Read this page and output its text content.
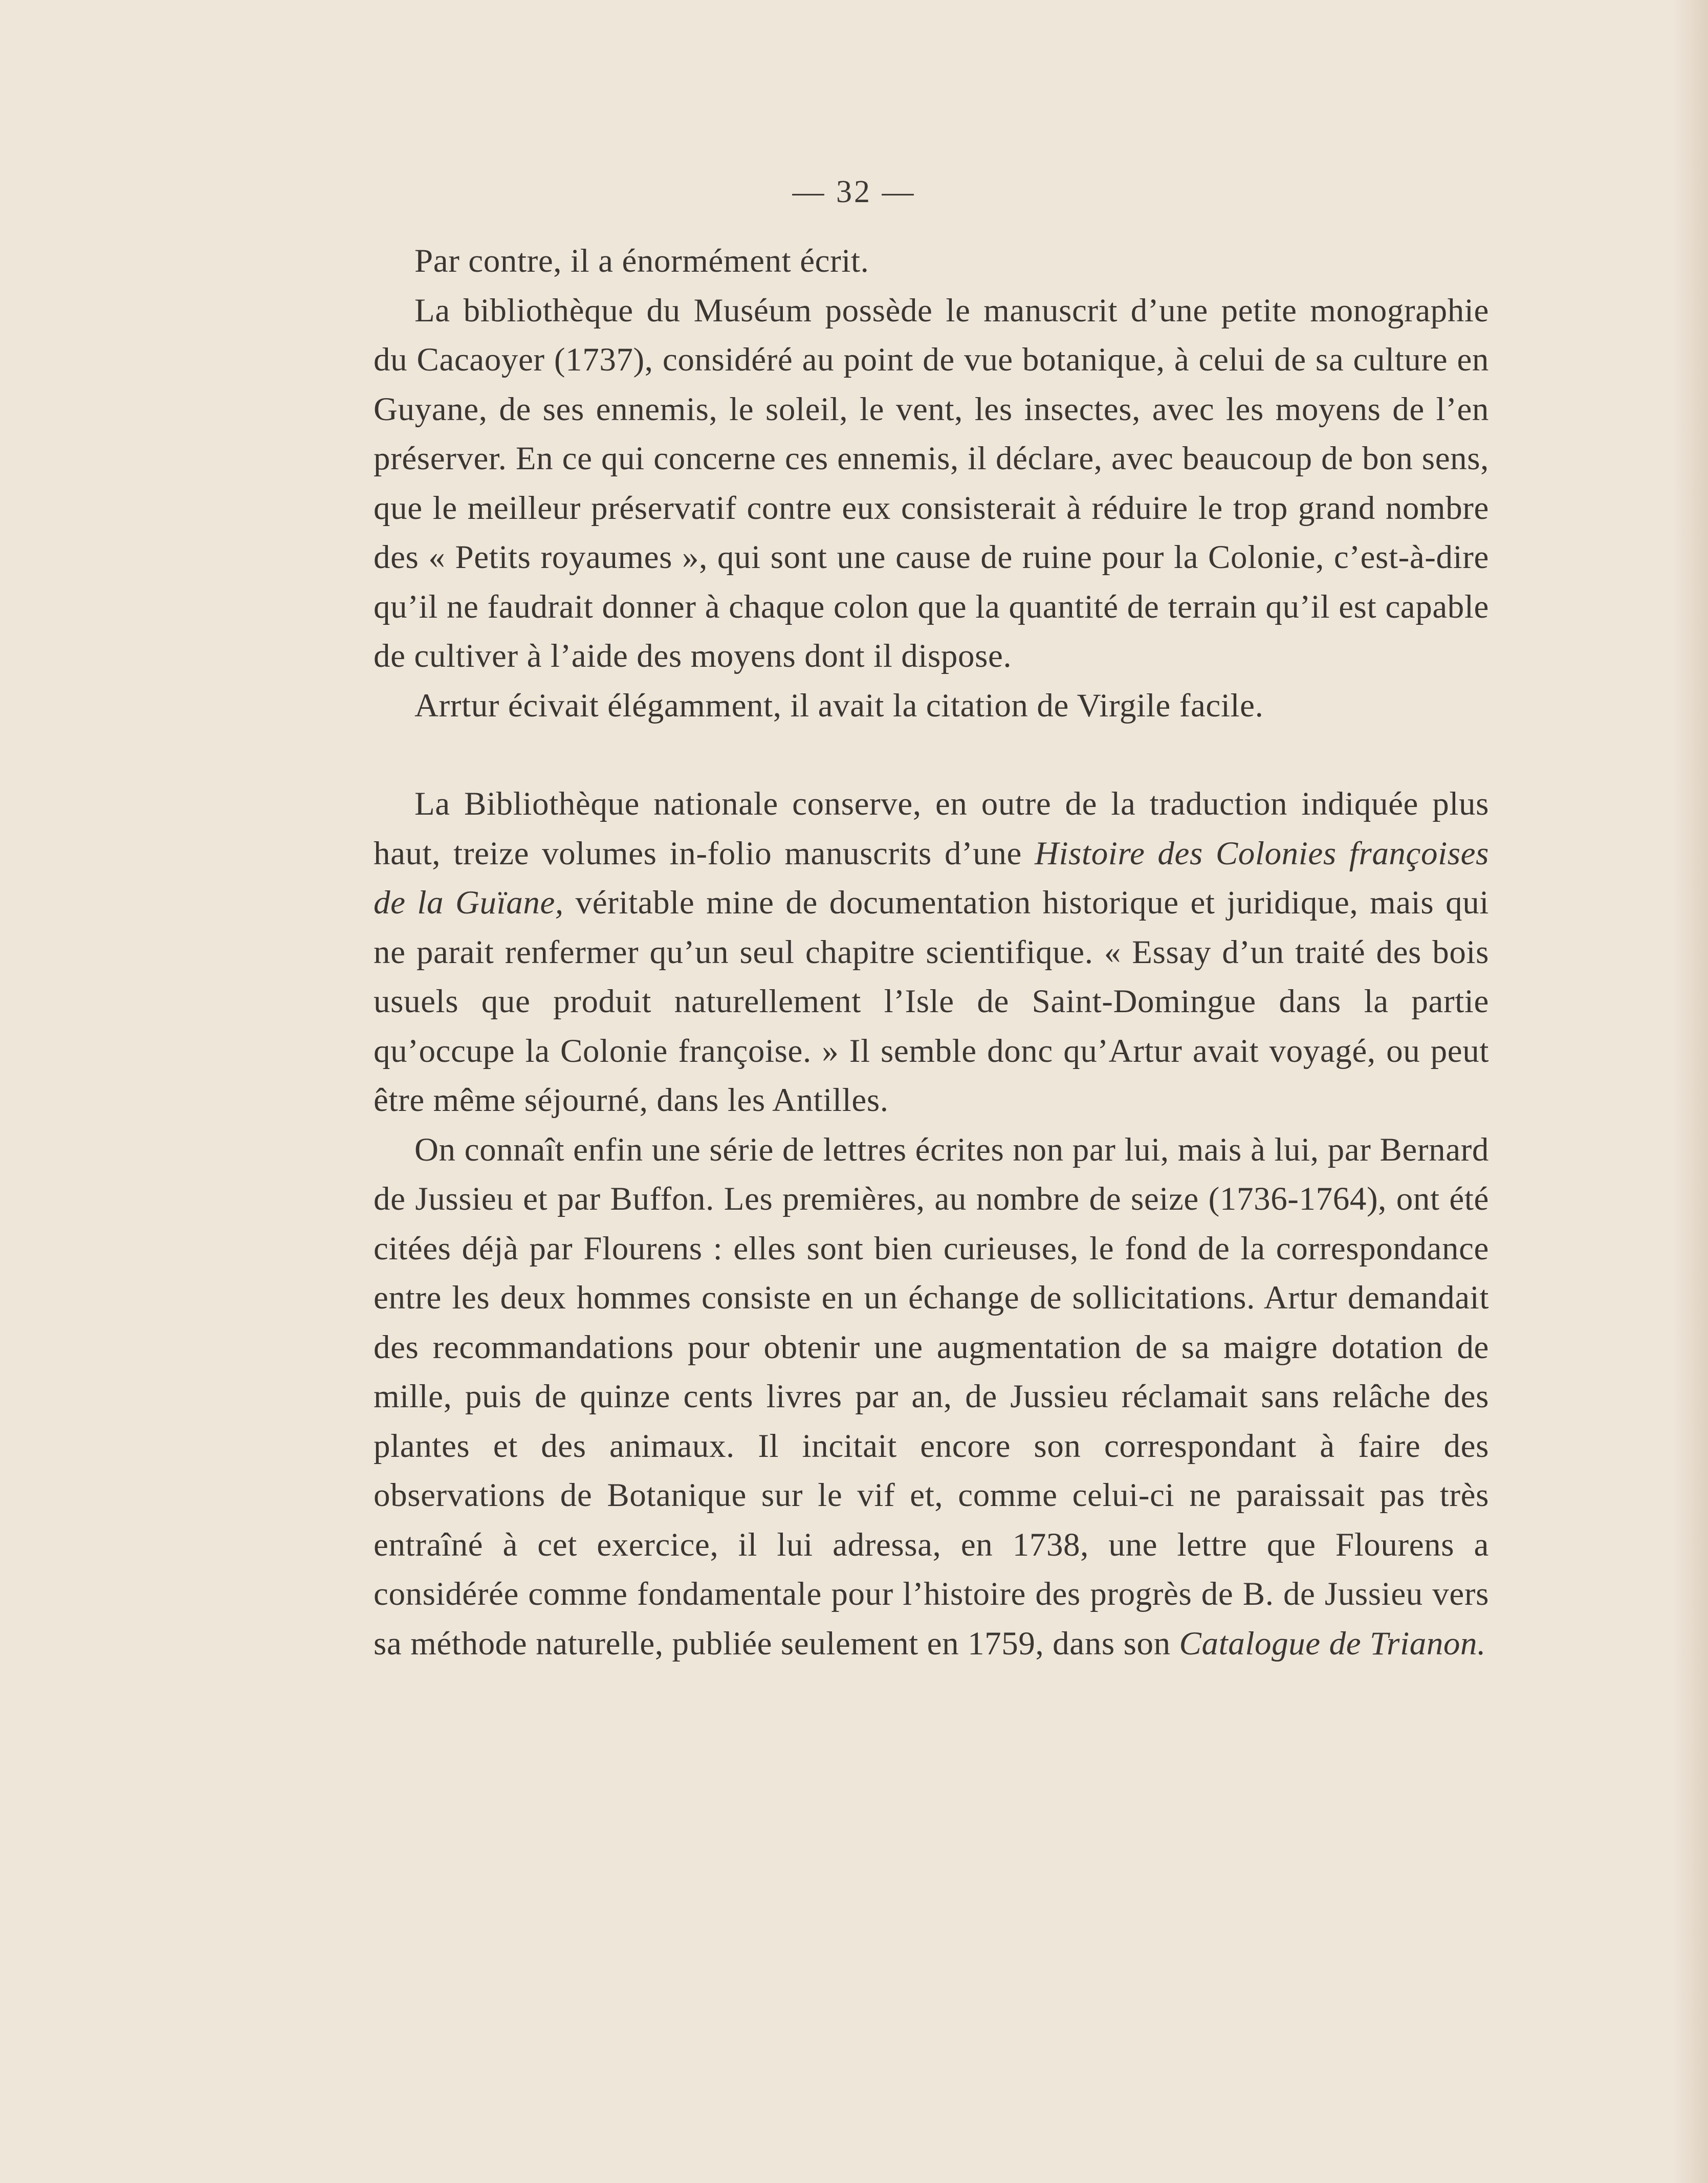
— 32 —

Par contre, il a énormément écrit.

La bibliothèque du Muséum possède le manuscrit d’une petite monographie du Cacaoyer (1737), considéré au point de vue botanique, à celui de sa culture en Guyane, de ses ennemis, le soleil, le vent, les insectes, avec les moyens de l’en préserver. En ce qui concerne ces ennemis, il déclare, avec beaucoup de bon sens, que le meilleur préservatif contre eux consisterait à réduire le trop grand nombre des « Petits royaumes », qui sont une cause de ruine pour la Colonie, c’est-à-dire qu’il ne faudrait donner à chaque colon que la quantité de terrain qu’il est capable de cultiver à l’aide des moyens dont il dispose.

Arrtur écivait élégamment, il avait la citation de Virgile facile.

La Bibliothèque nationale conserve, en outre de la traduction indiquée plus haut, treize volumes in-folio manuscrits d’une Histoire des Colonies françoises de la Guïane, véritable mine de documentation historique et juridique, mais qui ne parait renfermer qu’un seul chapitre scientifique. « Essay d’un traité des bois usuels que produit naturellement l’Isle de Saint-Domingue dans la partie qu’occupe la Colonie françoise. » Il semble donc qu’Artur avait voyagé, ou peut être même séjourné, dans les Antilles.

On connaît enfin une série de lettres écrites non par lui, mais à lui, par Bernard de Jussieu et par Buffon. Les premières, au nombre de seize (1736-1764), ont été citées déjà par Flourens : elles sont bien curieuses, le fond de la correspondance entre les deux hommes consiste en un échange de sollicitations. Artur demandait des recommandations pour obtenir une augmentation de sa maigre dotation de mille, puis de quinze cents livres par an, de Jussieu réclamait sans relâche des plantes et des animaux. Il incitait encore son correspondant à faire des observations de Botanique sur le vif et, comme celui-ci ne paraissait pas très entraîné à cet exercice, il lui adressa, en 1738, une lettre que Flourens a considérée comme fondamentale pour l’histoire des progrès de B. de Jussieu vers sa méthode naturelle, publiée seulement en 1759, dans son Catalogue de Trianon.
